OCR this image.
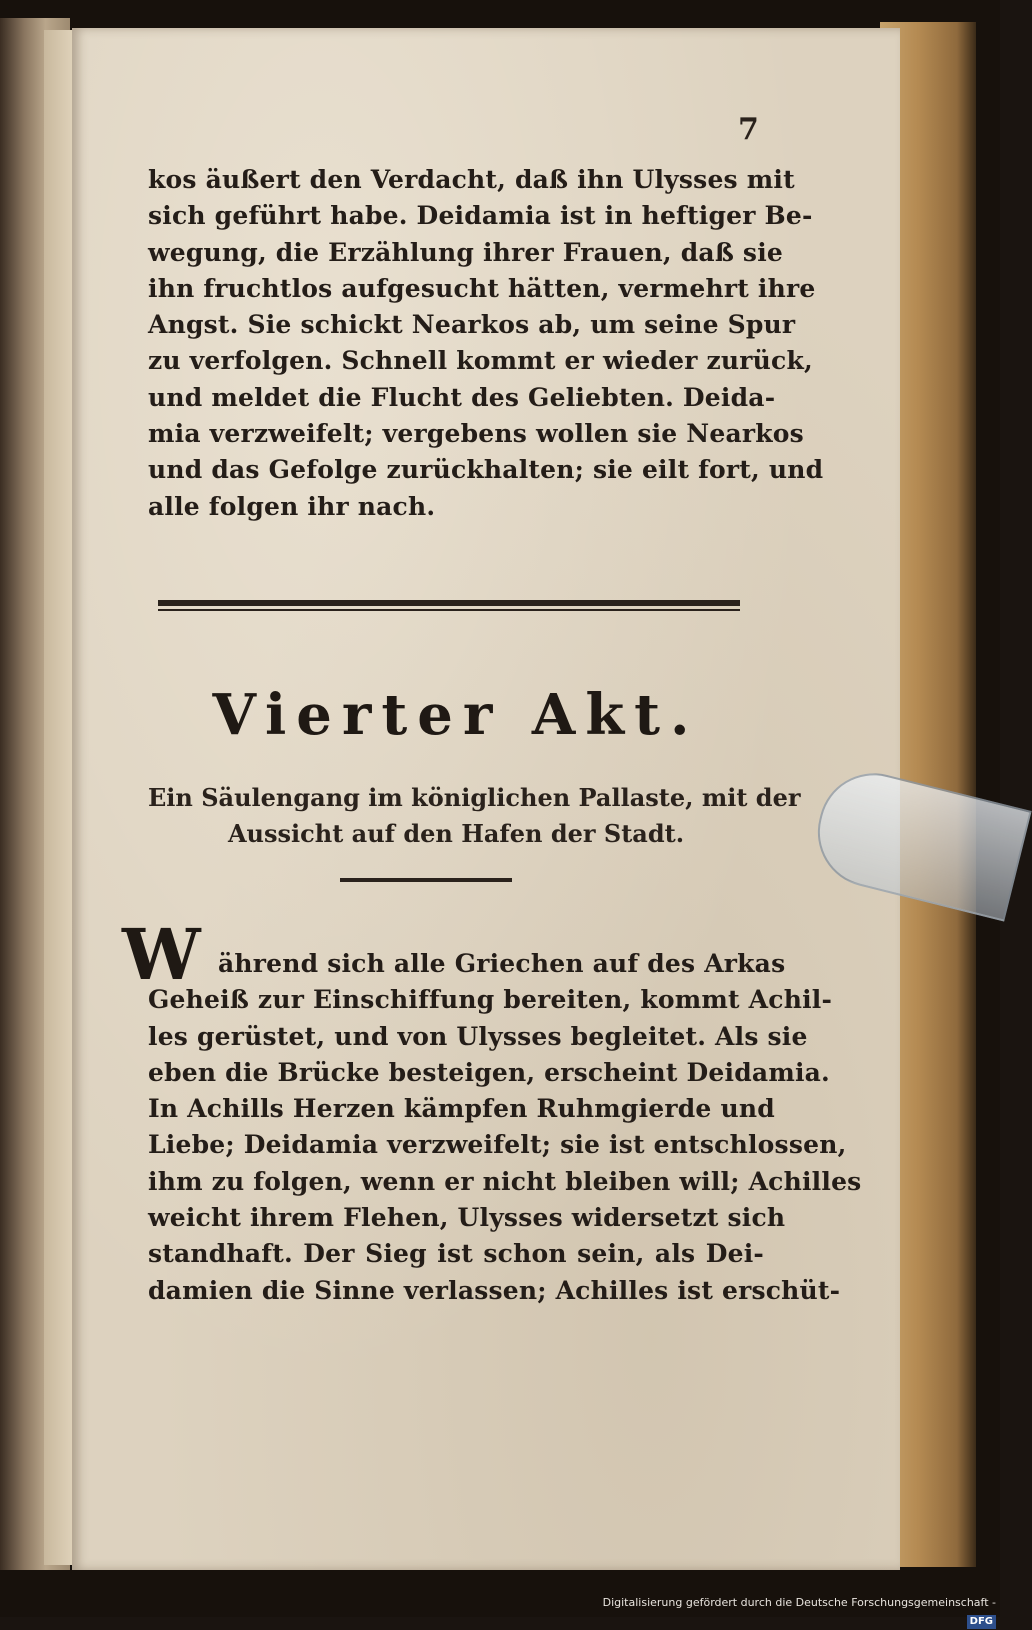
7
kos äußert den Verdacht, daß ihn Ulysses mit
sich geführt habe. Deidamia ist in heftiger Be-
wegung, die Erzählung ihrer Frauen, daß sie
ihn fruchtlos aufgesucht hätten, vermehrt ihre
Angst. Sie schickt Nearkos ab, um seine Spur
zu verfolgen. Schnell kommt er wieder zurück,
und meldet die Flucht des Geliebten. Deida-
mia verzweifelt; vergebens wollen sie Nearkos
und das Gefolge zurückhalten; sie eilt fort, und
alle folgen ihr nach.
Vierter Akt.
Ein Säulengang im königlichen Pallaste, mit der
Aussicht auf den Hafen der Stadt.
W ährend sich alle Griechen auf des Arkas
Geheiß zur Einschiffung bereiten, kommt Achil-
les gerüstet, und von Ulysses begleitet. Als sie
eben die Brücke besteigen, erscheint Deidamia.
In Achills Herzen kämpfen Ruhmgierde und
Liebe; Deidamia verzweifelt; sie ist entschlossen,
ihm zu folgen, wenn er nicht bleiben will; Achilles
weicht ihrem Flehen, Ulysses widersetzt sich
standhaft. Der Sieg ist schon sein, als Dei-
damien die Sinne verlassen; Achilles ist erschüt-
Digitalisierung gefördert durch die Deutsche Forschungsgemeinschaft - DFG
